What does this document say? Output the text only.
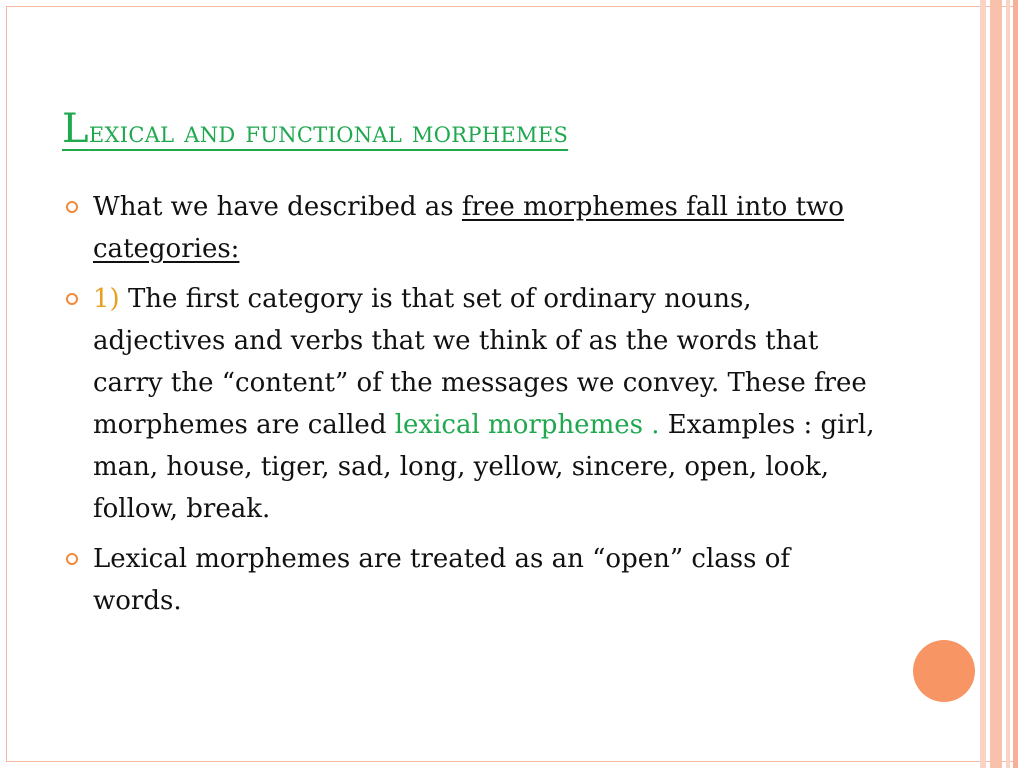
Lexical and functional morphemes
What we have described as free morphemes fall into two categories:
1) The first category is that set of ordinary nouns, adjectives and verbs that we think of as the words that carry the “content” of the messages we convey. These free morphemes are called lexical morphemes . Examples : girl, man, house, tiger, sad, long, yellow, sincere, open, look, follow, break.
Lexical morphemes are treated as an “open” class of words.
